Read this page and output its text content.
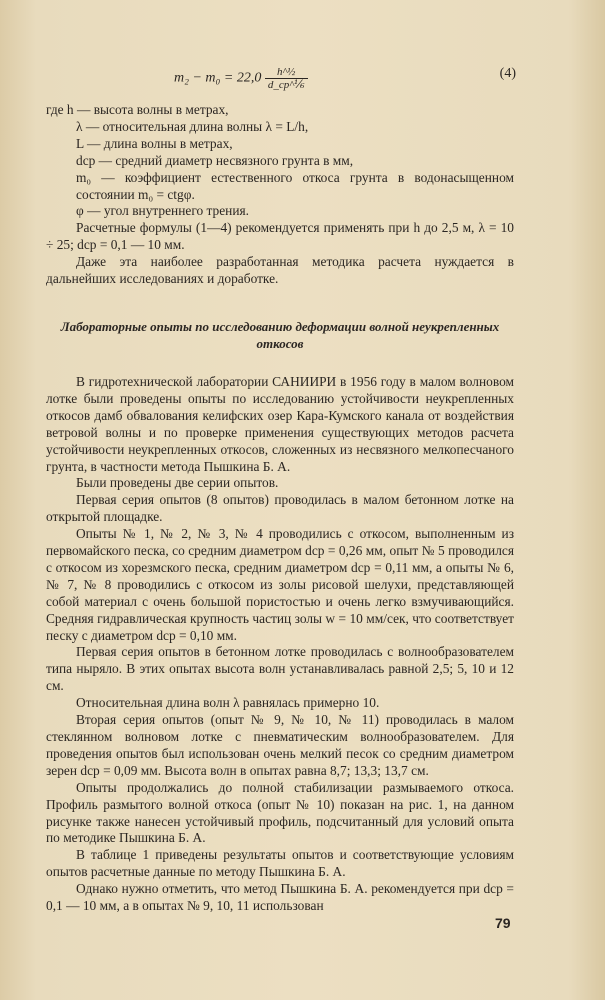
$m_2 - m_0 = 22,0 \frac{\text{h\textasciicircum{}½}}{\text{d\_ср\textasciicircum{}⅙}}$	(4)

где h — высота волны в метрах,

λ — относительная длина волны λ = L/h,

L — длина волны в метрах,

dср — средний диаметр несвязного грунта в мм,

m₀ — коэффициент естественного откоса грунта в водонасыщенном состоянии m₀ = ctgφ.

φ — угол внутреннего трения.

Расчетные формулы (1—4) рекомендуется применять при h до 2,5 м, λ = 10 ÷ 25; dср = 0,1 — 10 мм.

Даже эта наиболее разработанная методика расчета нуждается в дальнейших исследованиях и доработке.

Лабораторные опыты по исследованию деформации волной неукрепленных откосов

В гидротехнической лаборатории САНИИРИ в 1956 году в малом волновом лотке были проведены опыты по исследованию устойчивости неукрепленных откосов дамб обвалования келифских озер Кара-Кумского канала от воздействия ветровой волны и по проверке применения существующих методов расчета устойчивости неукрепленных откосов, сложенных из несвязного мелкопесчаного грунта, в частности метода Пышкина Б. А.

Были проведены две серии опытов.

Первая серия опытов (8 опытов) проводилась в малом бетонном лотке на открытой площадке.

Опыты № 1, № 2, № 3, № 4 проводились с откосом, выполненным из первомайского песка, со средним диаметром dср = 0,26 мм, опыт № 5 проводился с откосом из хорезмского песка, средним диаметром dср = 0,11 мм, а опыты № 6, № 7, № 8 проводились с откосом из золы рисовой шелухи, представляющей собой материал с очень большой пористостью и очень легко взмучивающийся. Средняя гидравлическая крупность частиц золы w = 10 мм/сек, что соответствует песку с диаметром dср = 0,10 мм.

Первая серия опытов в бетонном лотке проводилась с волнообразователем типа ныряло. В этих опытах высота волн устанавливалась равной 2,5; 5, 10 и 12 см.

Относительная длина волн λ равнялась примерно 10.

Вторая серия опытов (опыт № 9, № 10, № 11) проводилась в малом стеклянном волновом лотке с пневматическим волнообразователем. Для проведения опытов был использован очень мелкий песок со средним диаметром зерен dср = 0,09 мм. Высота волн в опытах равна 8,7; 13,3; 13,7 см.

Опыты продолжались до полной стабилизации размываемого откоса. Профиль размытого волной откоса (опыт № 10) показан на рис. 1, на данном рисунке также нанесен устойчивый профиль, подсчитанный для условий опыта по методике Пышкина Б. А.

В таблице 1 приведены результаты опытов и соответствующие условиям опытов расчетные данные по методу Пышкина Б. А.

Однако нужно отметить, что метод Пышкина Б. А. рекомендуется при dср = 0,1 — 10 мм, а в опытах № 9, 10, 11 использован

79
